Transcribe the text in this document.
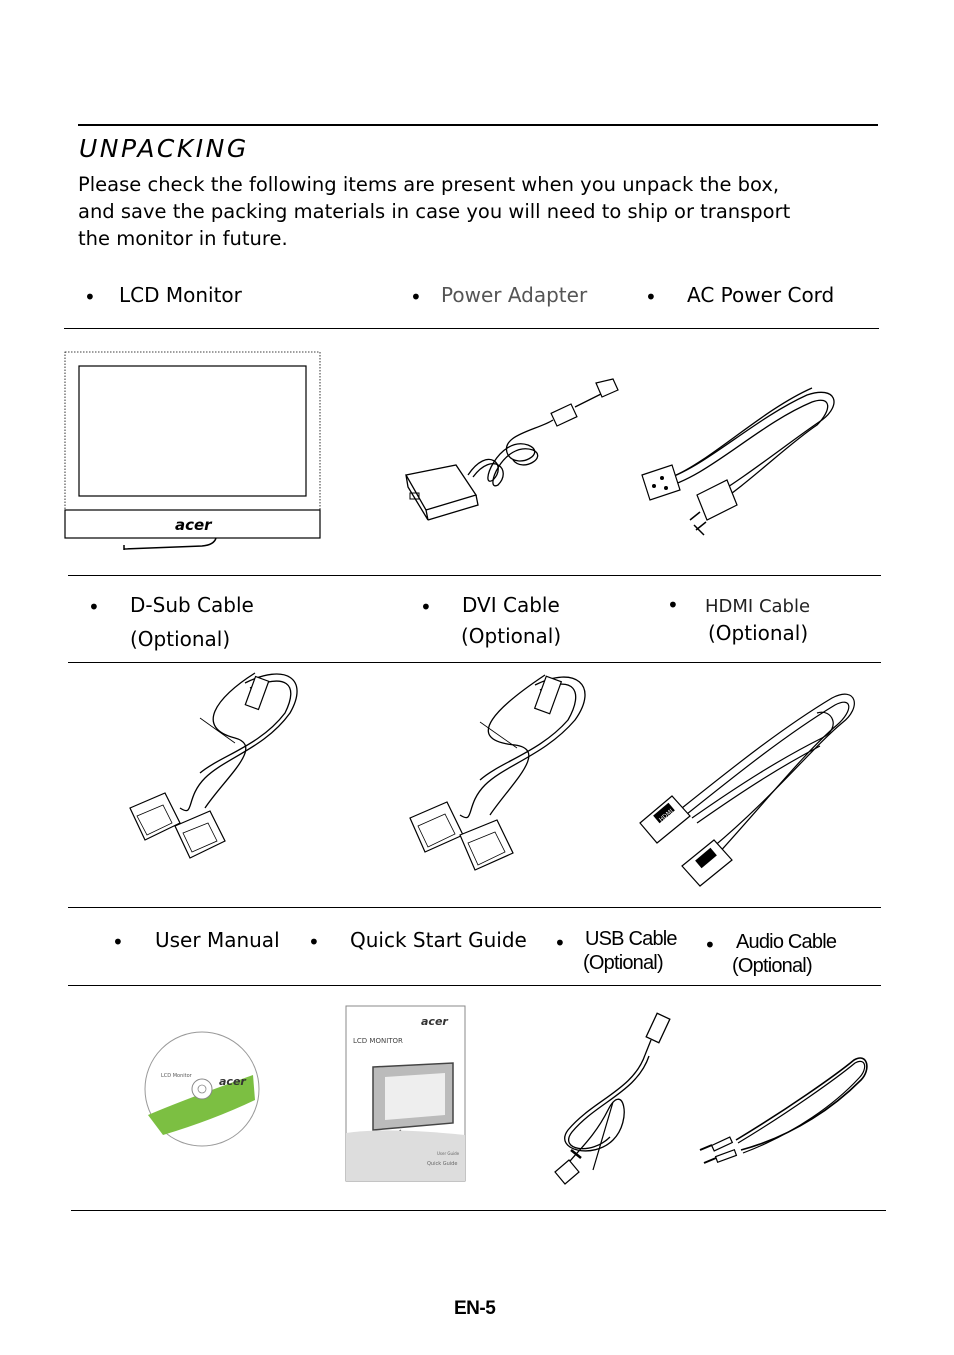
UNPACKING
Please check the following items are present when you unpack the box,
and save the packing materials in case you will need to ship or transport
the monitor in future.
• LCD Monitor	• Power Adapter	• AC Power Cord
acer
• D-Sub Cable
(Optional)
• DVI Cable
(Optional)
• HDMI Cable
(Optional)
HDMI
• User Manual • Quick Start Guide • USB Cable
(Optional)
• Audio Cable
(Optional)
LCD Monitor acer
acer
LCD MONITOR
User Guide
Quick Guide
EN-5
